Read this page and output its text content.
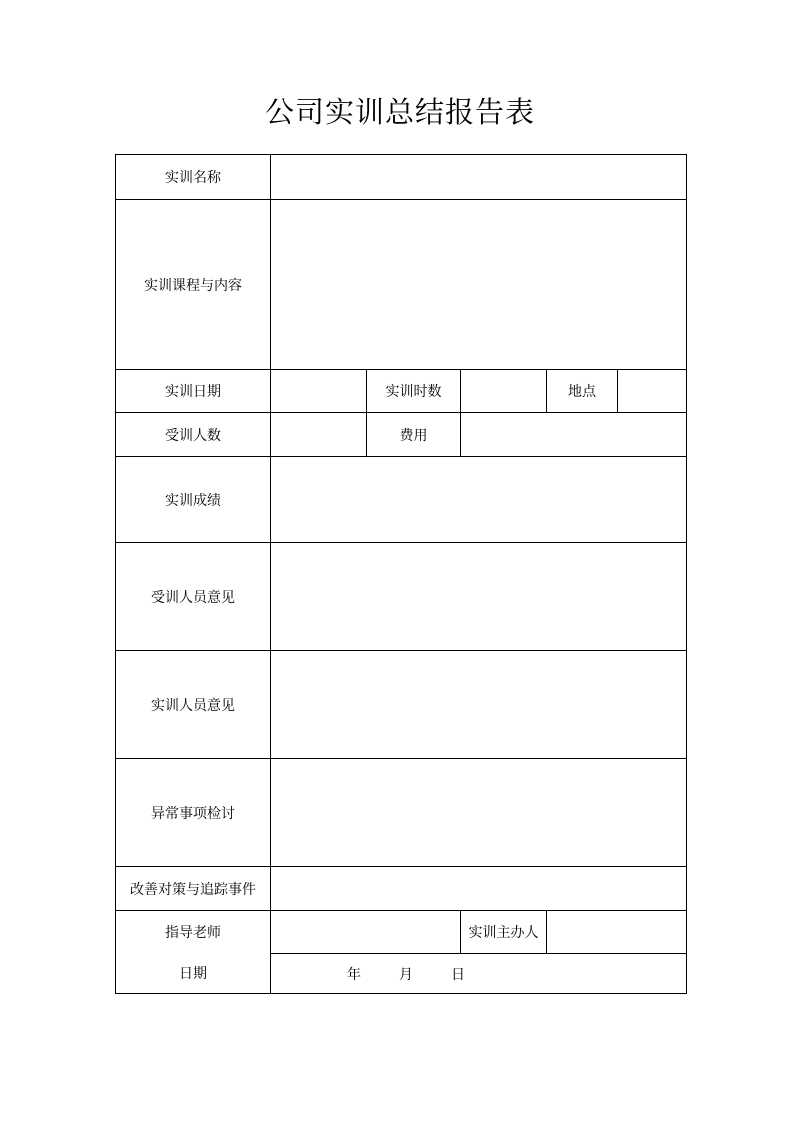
公司实训总结报告表
实训名称					
实训课程与内容					
实训日期		实训时数		地点	
受训人数		费用			
实训成绩					
受训人员意见					
实训人员意见					
异常事项检讨					
改善对策与追踪事件					
指导老师			实训主办人		
日期	年 月 日				
